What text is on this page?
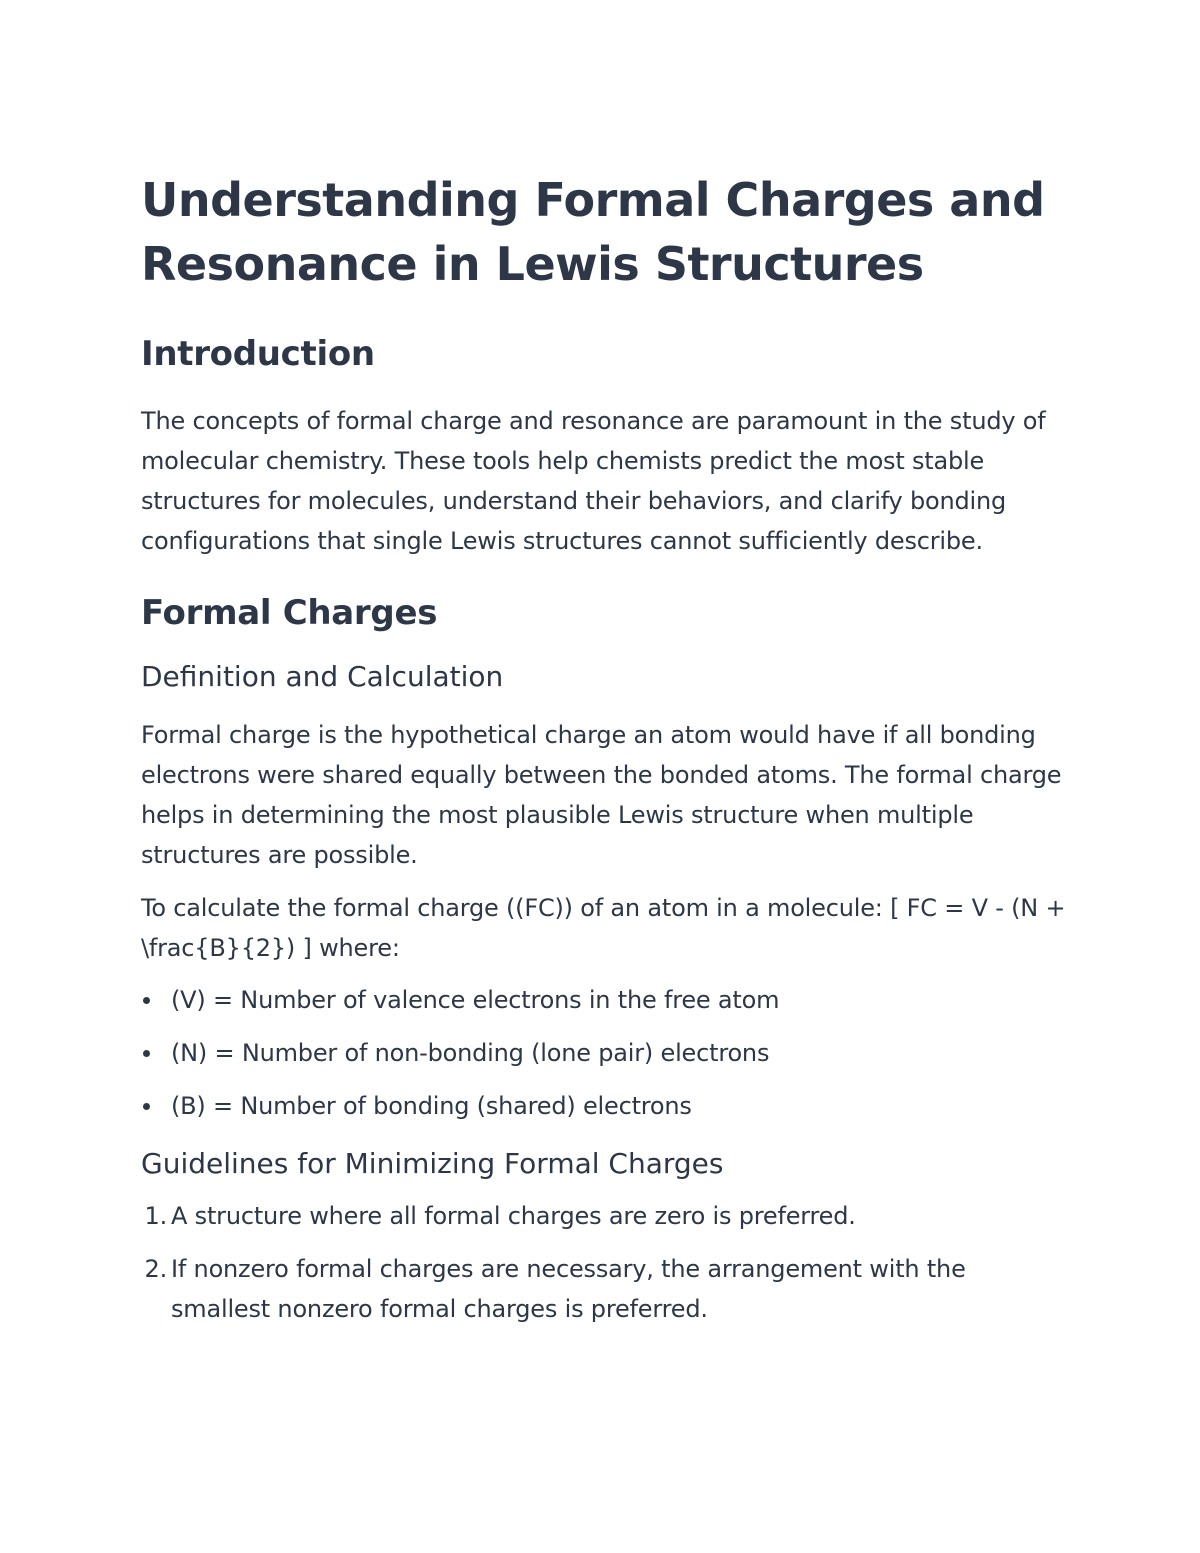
Understanding Formal Charges and Resonance in Lewis Structures
Introduction

The concepts of formal charge and resonance are paramount in the study of molecular chemistry. These tools help chemists predict the most stable structures for molecules, understand their behaviors, and clarify bonding configurations that single Lewis structures cannot sufficiently describe.

Formal Charges
Definition and Calculation

Formal charge is the hypothetical charge an atom would have if all bonding electrons were shared equally between the bonded atoms. The formal charge helps in determining the most plausible Lewis structure when multiple structures are possible.

To calculate the formal charge ((FC)) of an atom in a molecule: [ FC = V - (N + \frac{B}{2}) ] where:

(V) = Number of valence electrons in the free atom
(N) = Number of non-bonding (lone pair) electrons
(B) = Number of bonding (shared) electrons
Guidelines for Minimizing Formal Charges
1. A structure where all formal charges are zero is preferred.
2. If nonzero formal charges are necessary, the arrangement with the smallest nonzero formal charges is preferred.
